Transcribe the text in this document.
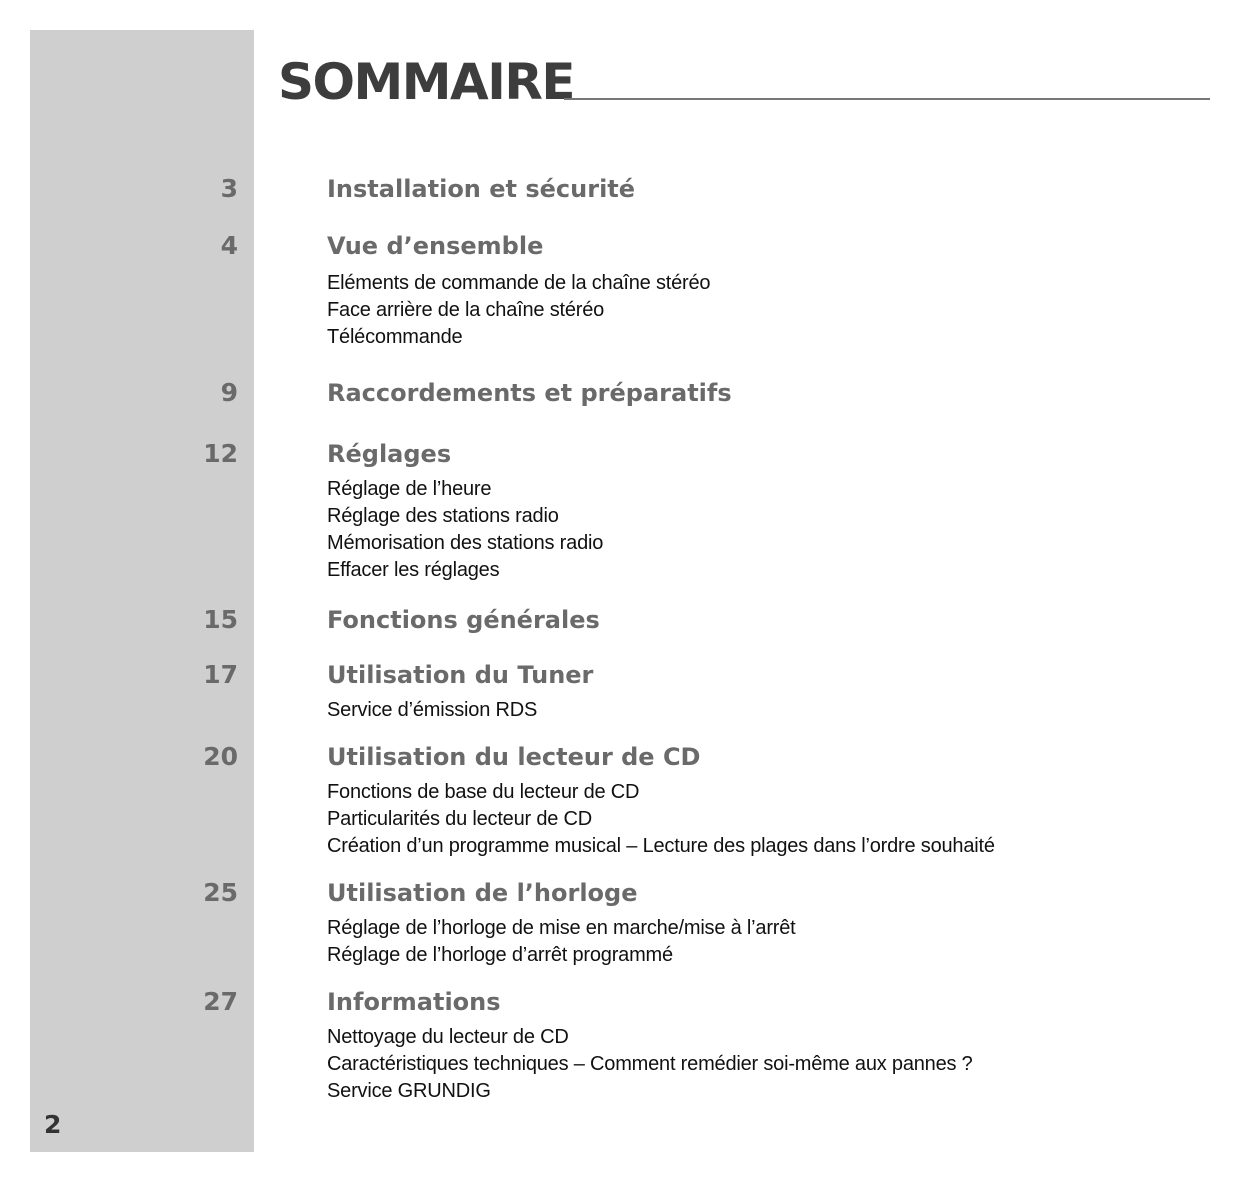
SOMMAIRE
3	Installation et sécurité
4	Vue d’ensemble
Eléments de commande de la chaîne stéréo
Face arrière de la chaîne stéréo
Télécommande
9	Raccordements et préparatifs
12	Réglages
Réglage de l’heure
Réglage des stations radio
Mémorisation des stations radio
Effacer les réglages
15	Fonctions générales
17	Utilisation du Tuner
Service d’émission RDS
20	Utilisation du lecteur de CD
Fonctions de base du lecteur de CD
Particularités du lecteur de CD
Création d’un programme musical – Lecture des plages dans l’ordre souhaité
25	Utilisation de l’horloge
Réglage de l’horloge de mise en marche/mise à l’arrêt
Réglage de l’horloge d’arrêt programmé
27	Informations
Nettoyage du lecteur de CD
Caractéristiques techniques – Comment remédier soi-même aux pannes ?
Service GRUNDIG
2
